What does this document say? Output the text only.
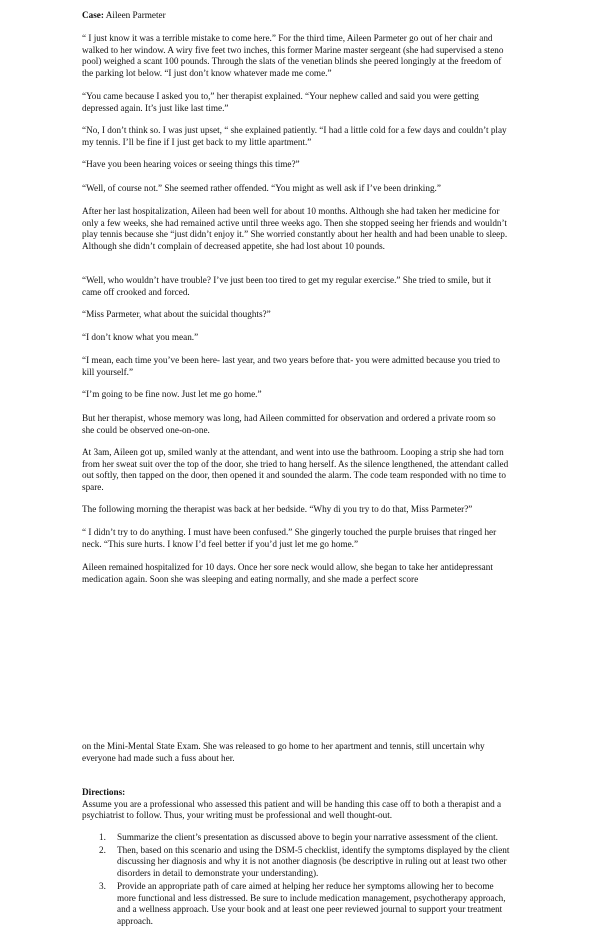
Case: Aileen Parmeter

“ I just know it was a terrible mistake to come here.” For the third time, Aileen Parmeter go out of her chair and walked to her window. A wiry five feet two inches, this former Marine master sergeant (she had supervised a steno pool) weighed a scant 100 pounds. Through the slats of the venetian blinds she peered longingly at the freedom of the parking lot below. “I just don’t know whatever made me come.”

“You came because I asked you to,” her therapist explained. “Your nephew called and said you were getting depressed again. It’s just like last time.”

“No, I don’t think so. I was just upset, “ she explained patiently. “I had a little cold for a few days and couldn’t play my tennis. I’ll be fine if I just get back to my little apartment.”

“Have you been hearing voices or seeing things this time?”

“Well, of course not.” She seemed rather offended. “You might as well ask if I’ve been drinking.”

After her last hospitalization, Aileen had been well for about 10 months. Although she had taken her medicine for only a few weeks, she had remained active until three weeks ago. Then she stopped seeing her friends and wouldn’t play tennis because she “just didn’t enjoy it.” She worried constantly about her health and had been unable to sleep. Although she didn’t complain of decreased appetite, she had lost about 10 pounds.

“Well, who wouldn’t have trouble? I’ve just been too tired to get my regular exercise.” She tried to smile, but it came off crooked and forced.

“Miss Parmeter, what about the suicidal thoughts?”

“I don’t know what you mean.”

“I mean, each time you’ve been here- last year, and two years before that- you were admitted because you tried to kill yourself.”

“I’m going to be fine now. Just let me go home.”

But her therapist, whose memory was long, had Aileen committed for observation and ordered a private room so she could be observed one-on-one.

At 3am, Aileen got up, smiled wanly at the attendant, and went into use the bathroom. Looping a strip she had torn from her sweat suit over the top of the door, she tried to hang herself. As the silence lengthened, the attendant called out softly, then tapped on the door, then opened it and sounded the alarm. The code team responded with no time to spare.

The following morning the therapist was back at her bedside. “Why di you try to do that, Miss Parmeter?”

“ I didn’t try to do anything. I must have been confused.” She gingerly touched the purple bruises that ringed her neck. “This sure hurts. I know I’d feel better if you’d just let me go home.”

Aileen remained hospitalized for 10 days. Once her sore neck would allow, she began to take her antidepressant medication again. Soon she was sleeping and eating normally, and she made a perfect score

on the Mini-Mental State Exam. She was released to go home to her apartment and tennis, still uncertain why everyone had made such a fuss about her.

Directions:

Assume you are a professional who assessed this patient and will be handing this case off to both a therapist and a psychiatrist to follow. Thus, your writing must be professional and well thought-out.

1. Summarize the client’s presentation as discussed above to begin your narrative assessment of the client.
2. Then, based on this scenario and using the DSM-5 checklist, identify the symptoms displayed by the client discussing her diagnosis and why it is not another diagnosis (be descriptive in ruling out at least two other disorders in detail to demonstrate your understanding).
3. Provide an appropriate path of care aimed at helping her reduce her symptoms allowing her to become more functional and less distressed. Be sure to include medication management, psychotherapy approach, and a wellness approach. Use your book and at least one peer reviewed journal to support your treatment approach.
